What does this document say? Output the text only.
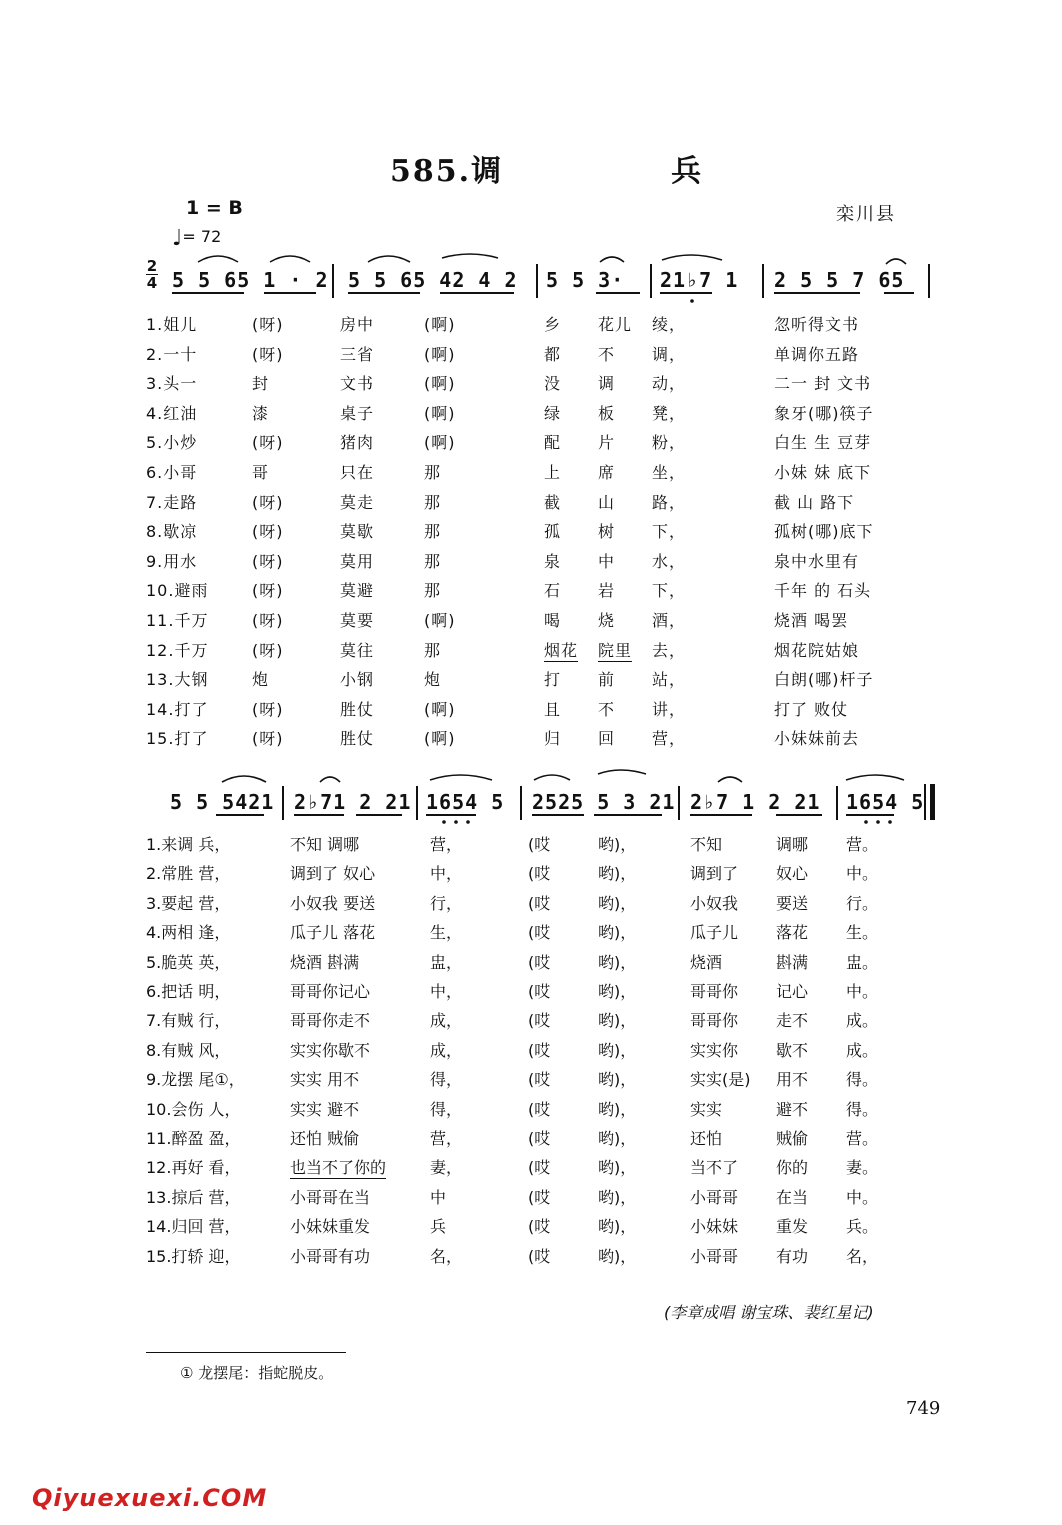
585.调	兵
1 = B
♩= 72
栾川县
2
4 5 5 65 1 · 2 5 5 65 42 4 2 5 5 3· 21♭7 1 2 5 5 7 65
1.姐儿	(呀)	房中	(啊)	乡 花儿 绫，	忽听得文书
2.一十	(呀)	三省	(啊)	都 不 调，	单调你五路
3.头一	封	文书	(啊)	没 调 动，	二一 封 文书
4.红油	漆	桌子	(啊)	绿 板 凳，	象牙(哪)筷子
5.小炒	(呀)	猪肉	(啊)	配 片 粉，	白生 生 豆芽
6.小哥	哥	只在	那	上 席 坐，	小妹 妹 底下
7.走路	(呀)	莫走	那	截 山 路，	截 山 路下
8.歇凉	(呀)	莫歇	那	孤 树 下，	孤树(哪)底下
9.用水	(呀)	莫用	那	泉 中 水，	泉中水里有
10.避雨	(呀)	莫避	那	石 岩 下，	千年 的 石头
11.千万	(呀)	莫要	(啊)	喝 烧 酒，	烧酒 喝罢
12.千万	(呀)	莫往	那	烟花 院里 去，	烟花院姑娘
13.大钢	炮	小钢	炮	打 前 站，	白朗(哪)杆子
14.打了	(呀)	胜仗	(啊)	且 不 讲，	打了 败仗
15.打了	(呀)	胜仗	(啊)	归 回 营，	小妹妹前去
5 5 5421 2♭71 2 21 1654 5 2525 5 3 21 2♭7 1 2 21 1654 5
1.来调 兵，	不知 调哪	营，	(哎	哟)，	不知	调哪 营。
2.常胜 营，	调到了 奴心	中，	(哎	哟)，	调到了 奴心 中。
3.要起 营，	小奴我 要送	行，	(哎	哟)，	小奴我 要送 行。
4.两相 逢，	瓜子儿 落花	生，	(哎	哟)，	瓜子儿 落花 生。
5.脆英 英，	烧酒 斟满	盅，	(哎	哟)，	烧酒	斟满 盅。
6.把话 明，	哥哥你记心	中，	(哎	哟)，	哥哥你 记心 中。
7.有贼 行，	哥哥你走不	成，	(哎	哟)，	哥哥你 走不 成。
8.有贼 风，	实实你歇不	成，	(哎	哟)，	实实你 歇不 成。
9.龙摆 尾①，	实实 用不	得，	(哎	哟)，	实实(是) 用不 得。
10.会伤 人，	实实 避不	得，	(哎	哟)，	实实	避不 得。
11.醉盈 盈，	还怕 贼偷	营，	(哎	哟)，	还怕	贼偷 营。
12.再好 看，	也当不了你的	妻，	(哎	哟)，	当不了 你的 妻。
13.掠后 营，	小哥哥在当	中	(哎	哟)，	小哥哥 在当 中。
14.归回 营，	小妹妹重发	兵	(哎	哟)，	小妹妹 重发 兵。
15.打轿 迎，	小哥哥有功	名，	(哎	哟)，	小哥哥 有功 名，
(李章成唱 谢宝珠、裴红星记)
① 龙摆尾：指蛇脱皮。
749
Qiyuexuexi.COM
